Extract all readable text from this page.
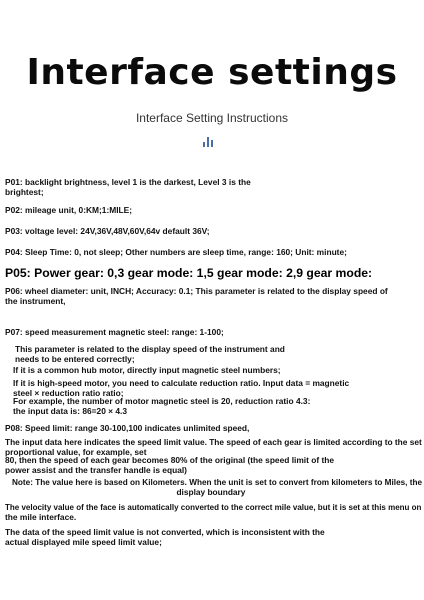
Interface settings
Interface Setting Instructions
P01: backlight brightness, level 1 is the darkest, Level 3 is the
brightest;
P02: mileage unit, 0:KM;1:MILE;
P03: voltage level: 24V,36V,48V,60V,64v default 36V;
P04: Sleep Time: 0, not sleep; Other numbers are sleep time, range: 160; Unit: minute;
P05: Power gear: 0,3 gear mode: 1,5 gear mode: 2,9 gear mode:
P06: wheel diameter: unit, INCH; Accuracy: 0.1; This parameter is related to the display speed of
the instrument,
P07: speed measurement magnetic steel: range: 1-100;
This parameter is related to the display speed of the instrument and
needs to be entered correctly;
If it is a common hub motor, directly input magnetic steel numbers;
If it is high-speed motor, you need to calculate reduction ratio. Input data = magnetic
steel × reduction ratio ratio;
For example, the number of motor magnetic steel is 20, reduction ratio 4.3:
the input data is: 86=20 × 4.3
P08: Speed limit: range 30-100,100 indicates unlimited speed,
The input data here indicates the speed limit value. The speed of each gear is limited according to the set
proportional value, for example, set
80, then the speed of each gear becomes 80% of the original (the speed limit of the
power assist and the transfer handle is equal)
Note: The value here is based on Kilometers. When the unit is set to convert from kilometers to Miles, the
display boundary
The velocity value of the face is automatically converted to the correct mile value, but it is set at this menu on
the mile interface.
The data of the speed limit value is not converted, which is inconsistent with the
actual displayed mile speed limit value;
